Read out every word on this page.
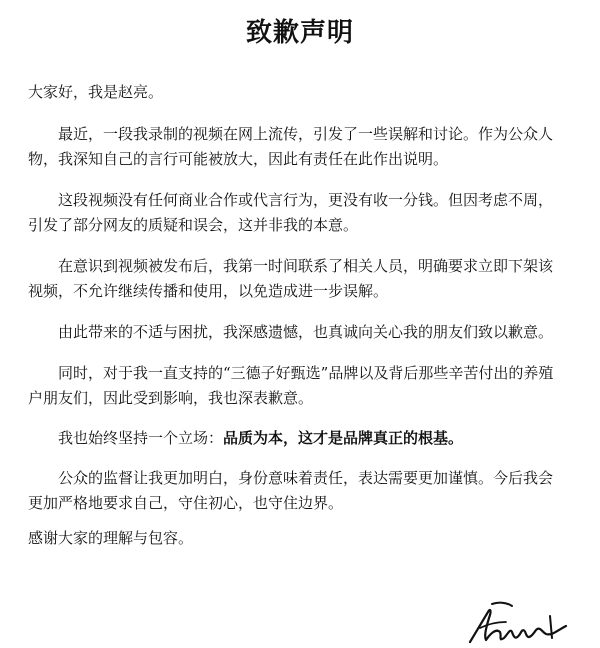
致歉声明

大家好，我是赵亮。

最近，一段我录制的视频在网上流传，引发了一些误解和讨论。作为公众人
物，我深知自己的言行可能被放大，因此有责任在此作出说明。

这段视频没有任何商业合作或代言行为，更没有收一分钱。但因考虑不周，
引发了部分网友的质疑和误会，这并非我的本意。

在意识到视频被发布后，我第一时间联系了相关人员，明确要求立即下架该
视频，不允许继续传播和使用，以免造成进一步误解。

由此带来的不适与困扰，我深感遗憾，也真诚向关心我的朋友们致以歉意。

同时，对于我一直支持的“三德子好甄选”品牌以及背后那些辛苦付出的养殖
户朋友们，因此受到影响，我也深表歉意。

我也始终坚持一个立场：品质为本，这才是品牌真正的根基。

公众的监督让我更加明白，身份意味着责任，表达需要更加谨慎。今后我会
更加严格地要求自己，守住初心，也守住边界。

感谢大家的理解与包容。
